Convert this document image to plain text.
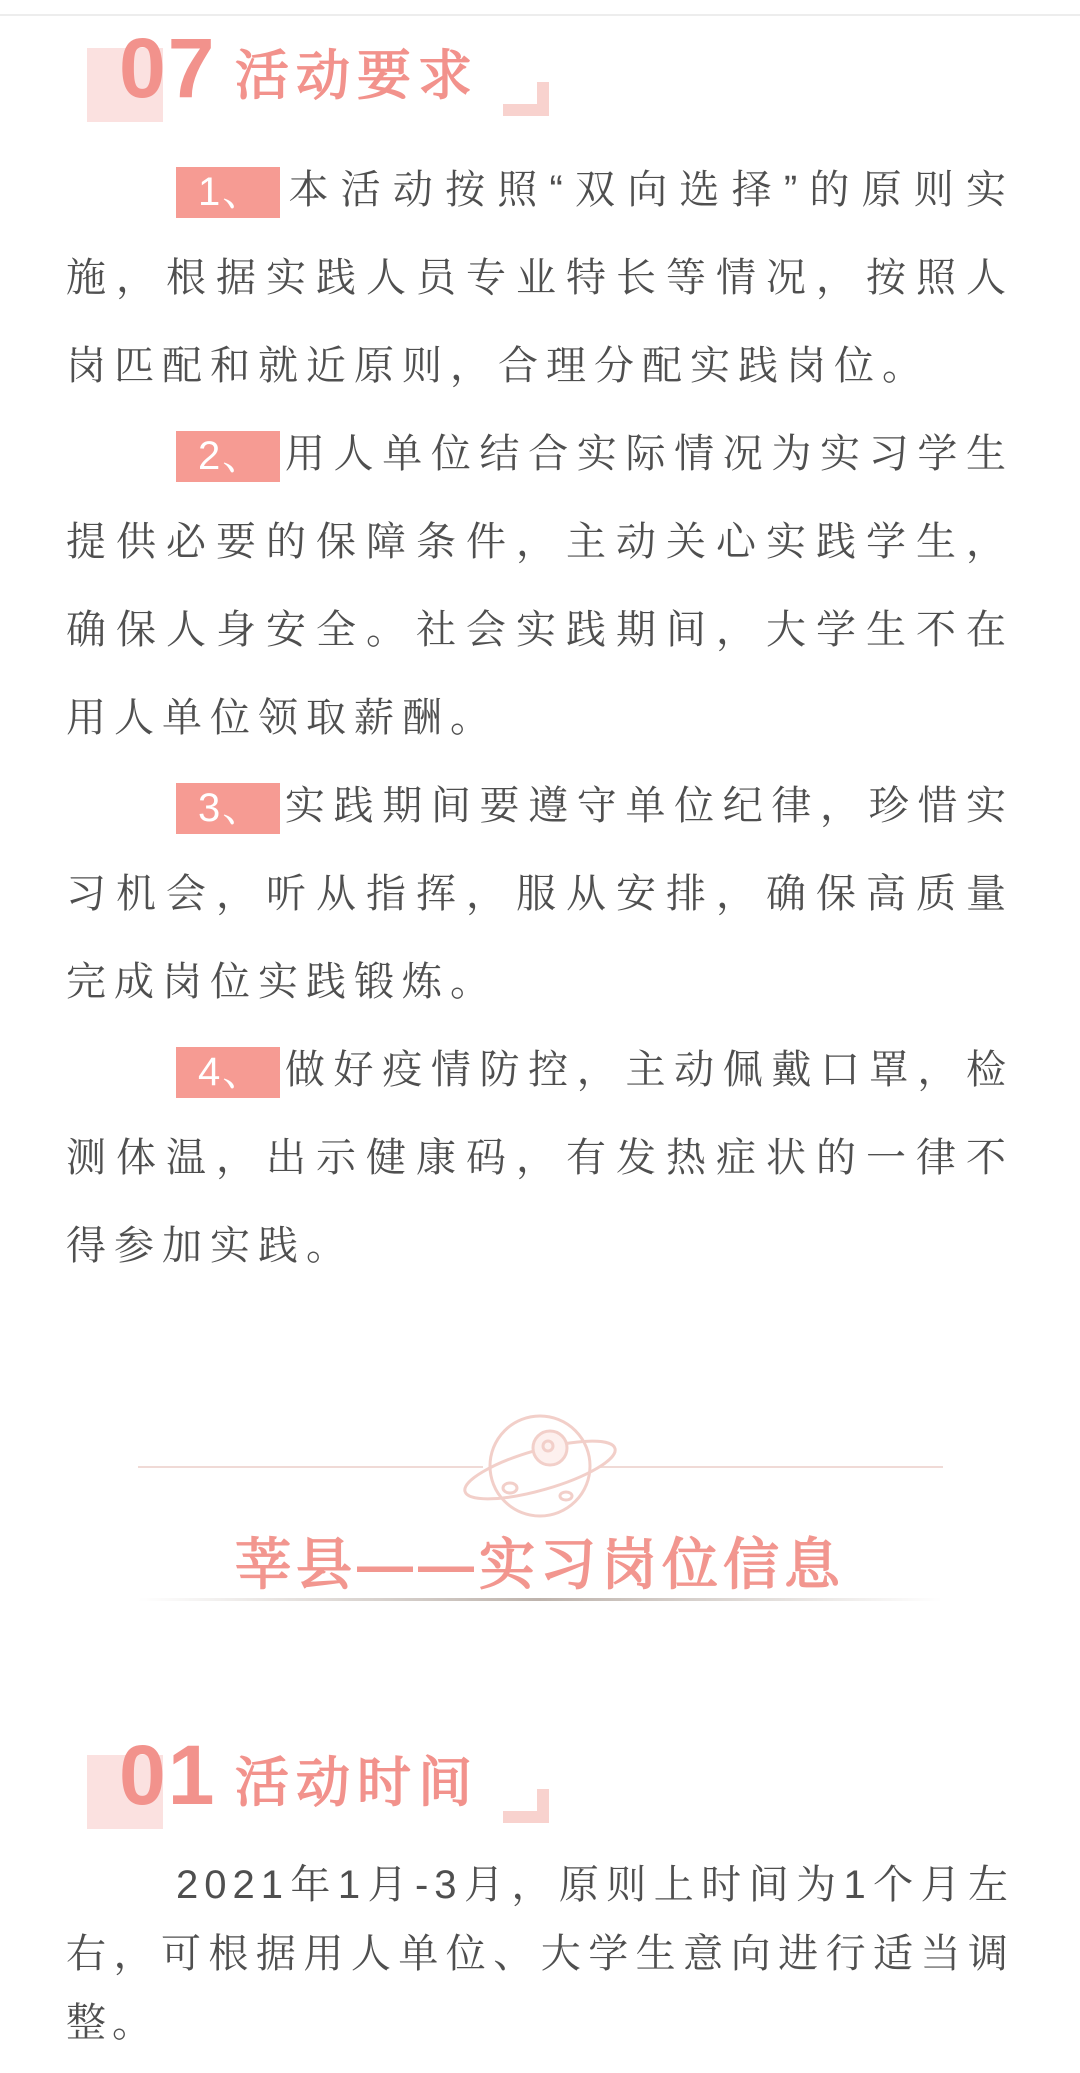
07 活动要求

1、 本活动按照“双向选择”的原则实施，根据实践人员专业特长等情况，按照人岗匹配和就近原则，合理分配实践岗位。

2、 用人单位结合实际情况为实习学生提供必要的保障条件，主动关心实践学生，确保人身安全。社会实践期间，大学生不在用人单位领取薪酬。

3、 实践期间要遵守单位纪律，珍惜实习机会，听从指挥，服从安排，确保高质量完成岗位实践锻炼。

4、 做好疫情防控，主动佩戴口罩，检测体温，出示健康码，有发热症状的一律不得参加实践。

莘县——实习岗位信息
01 活动时间

2021年1月-3月，原则上时间为1个月左右，可根据用人单位、大学生意向进行适当调整。
